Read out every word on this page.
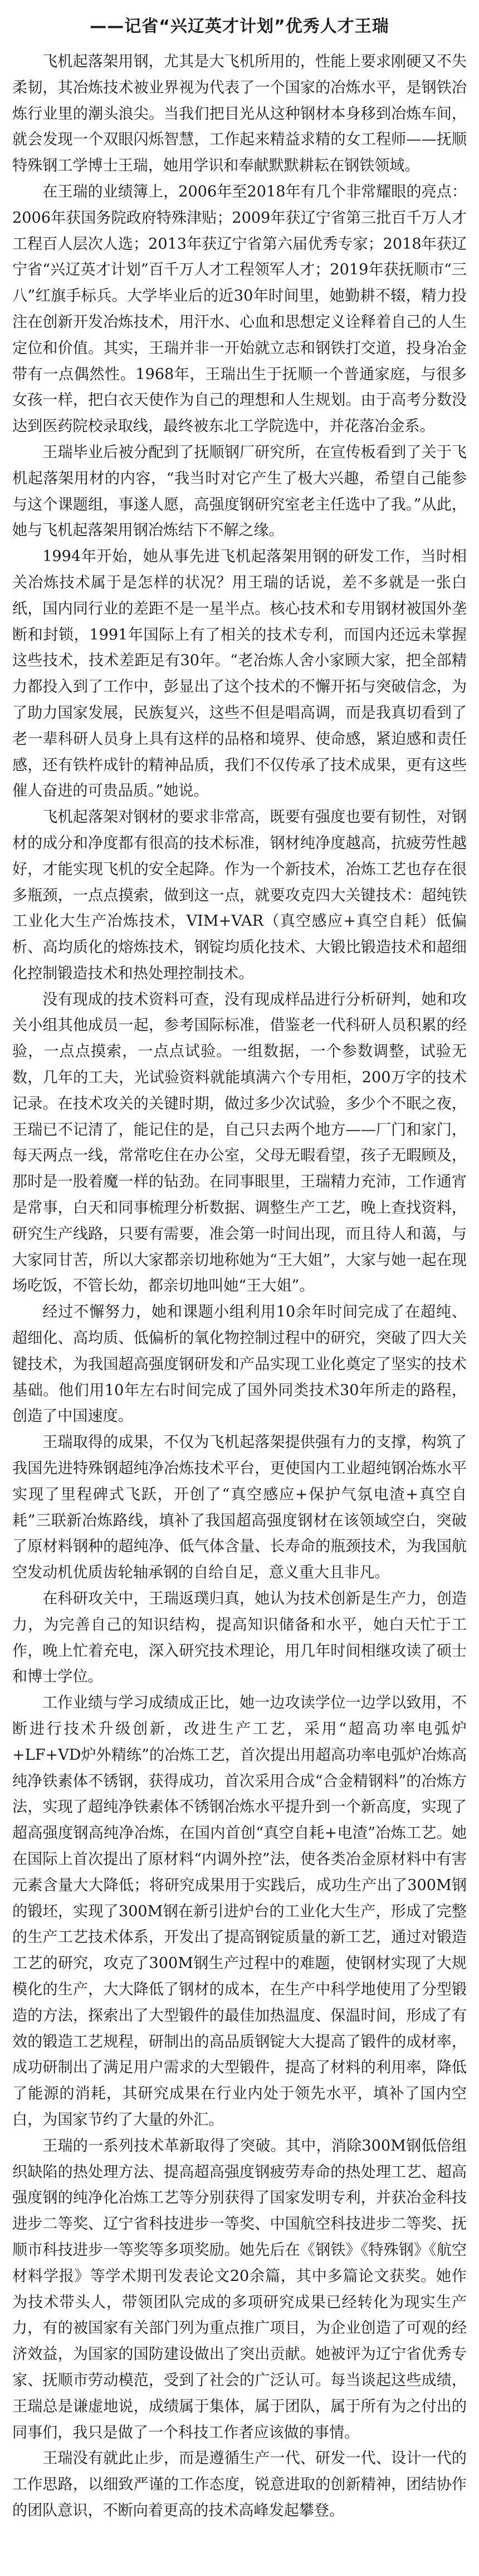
——记省“兴辽英才计划”优秀人才王瑞

飞机起落架用钢，尤其是大飞机所用的，性能上要求刚硬又不失柔韧，其冶炼技术被业界视为代表了一个国家的冶炼水平，是钢铁冶炼行业里的潮头浪尖。当我们把目光从这种钢材本身移到冶炼车间，就会发现一个双眼闪烁智慧，工作起来精益求精的女工程师——抚顺特殊钢工学博士王瑞，她用学识和奉献默默耕耘在钢铁领域。

在王瑞的业绩簿上，2006年至2018年有几个非常耀眼的亮点：2006年获国务院政府特殊津贴；2009年获辽宁省第三批百千万人才工程百人层次人选；2013年获辽宁省第六届优秀专家；2018年获辽宁省“兴辽英才计划”百千万人才工程领军人才；2019年获抚顺市“三八”红旗手标兵。大学毕业后的近30年时间里，她勤耕不辍，精力投注在创新开发冶炼技术，用汗水、心血和思想定义诠释着自己的人生定位和价值。其实，王瑞并非一开始就立志和钢铁打交道，投身冶金带有一点偶然性。1968年，王瑞出生于抚顺一个普通家庭，与很多女孩一样，把白衣天使作为自己的理想和人生规划。由于高考分数没达到医药院校录取线，最终被东北工学院选中，并花落冶金系。

王瑞毕业后被分配到了抚顺钢厂研究所，在宣传板看到了关于飞机起落架用材的内容，“我当时对它产生了极大兴趣，希望自己能参与这个课题组，事遂人愿，高强度钢研究室老主任选中了我。”从此，她与飞机起落架用钢冶炼结下不解之缘。

1994年开始，她从事先进飞机起落架用钢的研发工作，当时相关冶炼技术属于是怎样的状况？用王瑞的话说，差不多就是一张白纸，国内同行业的差距不是一星半点。核心技术和专用钢材被国外垄断和封锁，1991年国际上有了相关的技术专利，而国内还远未掌握这些技术，技术差距足有30年。“老冶炼人舍小家顾大家，把全部精力都投入到了工作中，彭显出了这个技术的不懈开拓与突破信念，为了助力国家发展，民族复兴，这些不但是唱高调，而是我真切看到了老一辈科研人员身上具有这样的品格和境界、使命感，紧迫感和责任感，还有铁杵成针的精神品质，我们不仅传承了技术成果，更有这些催人奋进的可贵品质。”她说。

飞机起落架对钢材的要求非常高，既要有强度也要有韧性，对钢材的成分和净度都有很高的技术标准，钢材纯净度越高，抗疲劳性越好，才能实现飞机的安全起降。作为一个新技术，冶炼工艺也存在很多瓶颈，一点点摸索，做到这一点，就要攻克四大关键技术：超纯铁工业化大生产冶炼技术，VIM+VAR（真空感应+真空自耗）低偏析、高均质化的熔炼技术，钢锭均质化技术、大锻比锻造技术和超细化控制锻造技术和热处理控制技术。

没有现成的技术资料可查，没有现成样品进行分析研判，她和攻关小组其他成员一起，参考国际标准，借鉴老一代科研人员积累的经验，一点点摸索，一点点试验。一组数据，一个参数调整，试验无数，几年的工夫，光试验资料就能填满六个专用柜，200万字的技术记录。在技术攻关的关键时期，做过多少次试验，多少个不眠之夜，王瑞已不记清了，能记住的是，自己只去两个地方——厂门和家门，每天两点一线，常常吃住在办公室，父母无暇看望，孩子无暇顾及，那时是一股着魔一样的钻劲。在同事眼里，王瑞精力充沛，工作通宵是常事，白天和同事梳理分析数据、调整生产工艺，晚上查找资料，研究生产线路，只要有需要，准会第一时间出现，而且待人和蔼，与大家同甘苦，所以大家都亲切地称她为“王大姐”，大家与她一起在现场吃饭，不管长幼，都亲切地叫她“王大姐”。

经过不懈努力，她和课题小组利用10余年时间完成了在超纯、超细化、高均质、低偏析的氧化物控制过程中的研究，突破了四大关键技术，为我国超高强度钢研发和产品实现工业化奠定了坚实的技术基础。他们用10年左右时间完成了国外同类技术30年所走的路程，创造了中国速度。

王瑞取得的成果，不仅为飞机起落架提供强有力的支撑，构筑了我国先进特殊钢超纯净冶炼技术平台，更使国内工业超纯钢冶炼水平实现了里程碑式飞跃，开创了“真空感应+保护气氛电渣+真空自耗”三联新冶炼路线，填补了我国超高强度钢材在该领域空白，突破了原材料钢种的超纯净、低气体含量、长寿命的瓶颈技术，为我国航空发动机优质齿轮轴承钢的自给自足，意义重大且非凡。

在科研攻关中，王瑞返璞归真，她认为技术创新是生产力，创造力，为完善自己的知识结构，提高知识储备和水平，她白天忙于工作，晚上忙着充电，深入研究技术理论，用几年时间相继攻读了硕士和博士学位。

工作业绩与学习成绩成正比，她一边攻读学位一边学以致用，不断进行技术升级创新，改进生产工艺，采用“超高功率电弧炉+LF+VD炉外精练”的冶炼工艺，首次提出用超高功率电弧炉冶炼高纯净铁素体不锈钢，获得成功，首次采用合成“合金精钢料”的冶炼方法，实现了超纯净铁素体不锈钢冶炼水平提升到一个新高度，实现了超高强度钢高纯净冶炼，在国内首创“真空自耗+电渣”冶炼工艺。她在国际上首次提出了原材料“内调外控”法，使各类冶金原材料中有害元素含量大大降低；将研究成果用于实践后，成功生产出了300M钢的锻坯，实现了300M钢在新引进炉台的工业化大生产，形成了完整的生产工艺技术体系，开发出了提高钢锭质量的新工艺，通过对锻造工艺的研究，攻克了300M钢生产过程中的难题，使钢材实现了大规模化的生产，大大降低了钢材的成本，在生产中科学地使用了分型锻造的方法，探索出了大型锻件的最佳加热温度、保温时间，形成了有效的锻造工艺规程，研制出的高品质钢锭大大提高了锻件的成材率，成功研制出了满足用户需求的大型锻件，提高了材料的利用率，降低了能源的消耗，其研究成果在行业内处于领先水平，填补了国内空白，为国家节约了大量的外汇。

王瑞的一系列技术革新取得了突破。其中，消除300M钢低倍组织缺陷的热处理方法、提高超高强度钢疲劳寿命的热处理工艺、超高强度钢的纯净化冶炼工艺等分别获得了国家发明专利，并获冶金科技进步二等奖、辽宁省科技进步一等奖、中国航空科技进步二等奖、抚顺市科技进步一等奖等多项奖励。她先后在《钢铁》《特殊钢》《航空材料学报》等学术期刊发表论文20余篇，其中多篇论文获奖。她作为技术带头人，带领团队完成的多项研究成果已经转化为现实生产力，有的被国家有关部门列为重点推广项目，为企业创造了可观的经济效益，为国家的国防建设做出了突出贡献。她被评为辽宁省优秀专家、抚顺市劳动模范，受到了社会的广泛认可。每当谈起这些成绩，王瑞总是谦虚地说，成绩属于集体，属于团队，属于所有为之付出的同事们，我只是做了一个科技工作者应该做的事情。

王瑞没有就此止步，而是遵循生产一代、研发一代、设计一代的工作思路，以细致严谨的工作态度，锐意进取的创新精神，团结协作的团队意识，不断向着更高的技术高峰发起攀登。
